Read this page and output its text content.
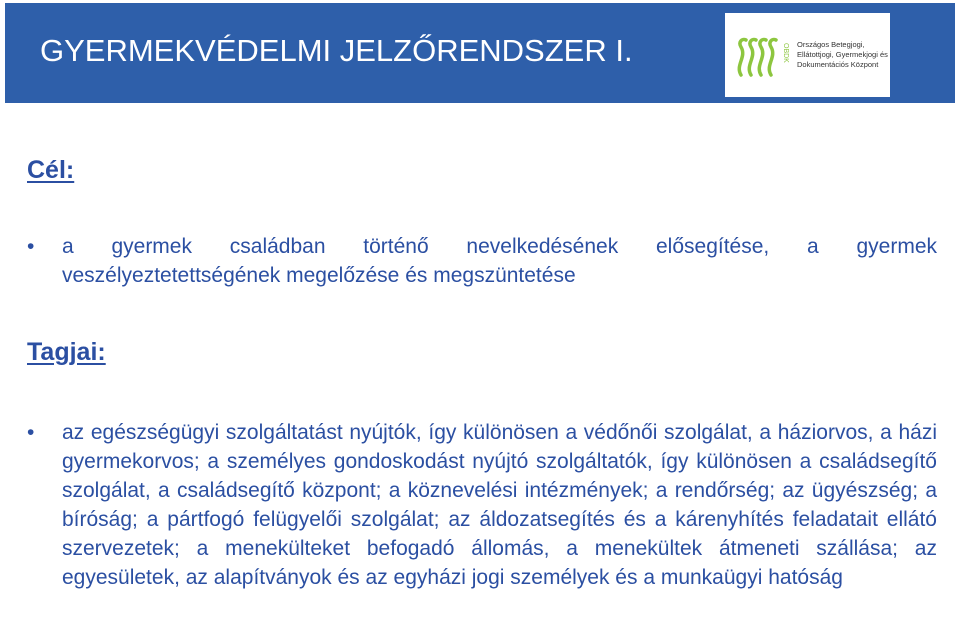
GYERMEKVÉDELMI JELZŐRENDSZER I.	OBDK Országos Betegjogi,
Ellátottjogi, Gyermekjogi és
Dokumentációs Központ
Cél:
• a gyermek családban történő nevelkedésének elősegítése, a gyermek veszélyeztetettségének megelőzése és megszüntetése
Tagjai:
• az egészségügyi szolgáltatást nyújtók, így különösen a védőnői szolgálat, a háziorvos, a házi gyermekorvos; a személyes gondoskodást nyújtó szolgáltatók, így különösen a családsegítő szolgálat, a családsegítő központ; a köznevelési intézmények; a rendőrség; az ügyészség; a bíróság; a pártfogó felügyelői szolgálat; az áldozatsegítés és a kárenyhítés feladatait ellátó szervezetek; a menekülteket befogadó állomás, a menekültek átmeneti szállása; az egyesületek, az alapítványok és az egyházi jogi személyek és a munkaügyi hatóság
